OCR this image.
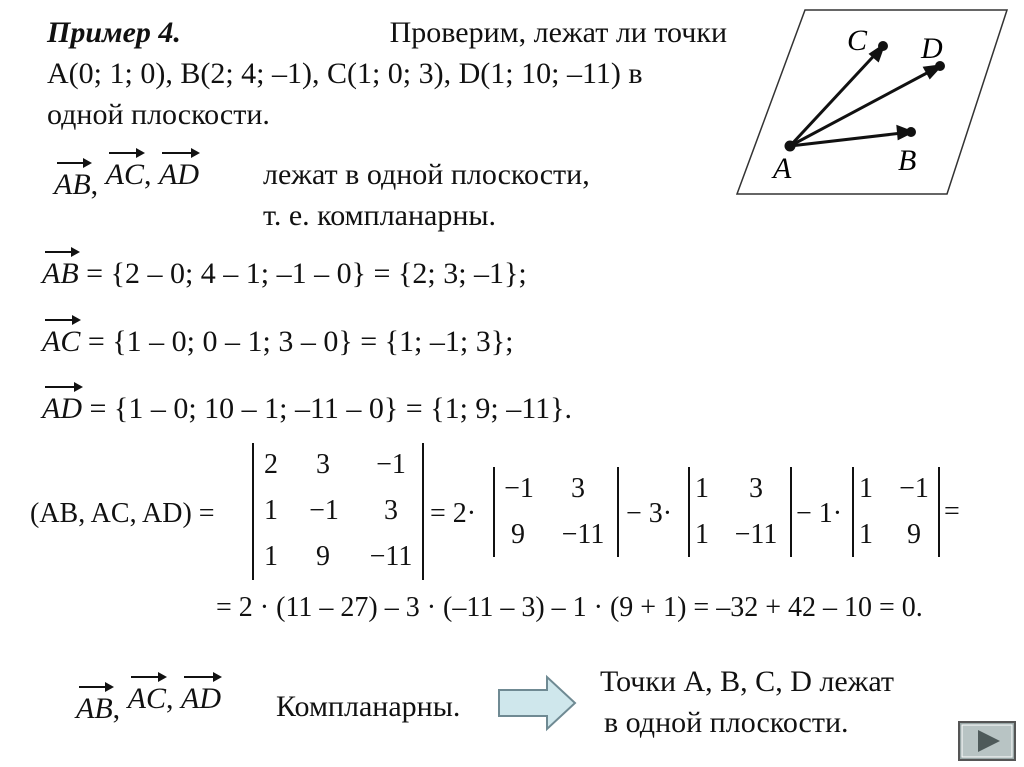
Пример 4.	Проверим, лежат ли точки
A(0; 1; 0), B(2; 4; –1), C(1; 0; 3), D(1; 10; –11) в
одной плоскости.
A	B
C D
AB, AC, AD лежат в одной плоскости,
т. е. компланарны.
AB = {2 – 0; 4 – 1; –1 – 0} = {2; 3; –1};
AC = {1 – 0; 0 – 1; 3 – 0} = {1; –1; 3};
AD = {1 – 0; 10 – 1; –11 – 0} = {1; 9; –11}.
(AB, AC, AD) =
2 3	−1
1 −1 3
1 9 −11
= 2·
−1 3
9 −11
− 3·
1 3
1 −11
− 1·
1 −1
1 9
=
= 2 · (11 – 27) – 3 · (–11 – 3) – 1 · (9 + 1) = –32 + 42 – 10 = 0.
AB, AC, AD Компланарны.
Точки A, B, C, D лежат
в одной плоскости.
